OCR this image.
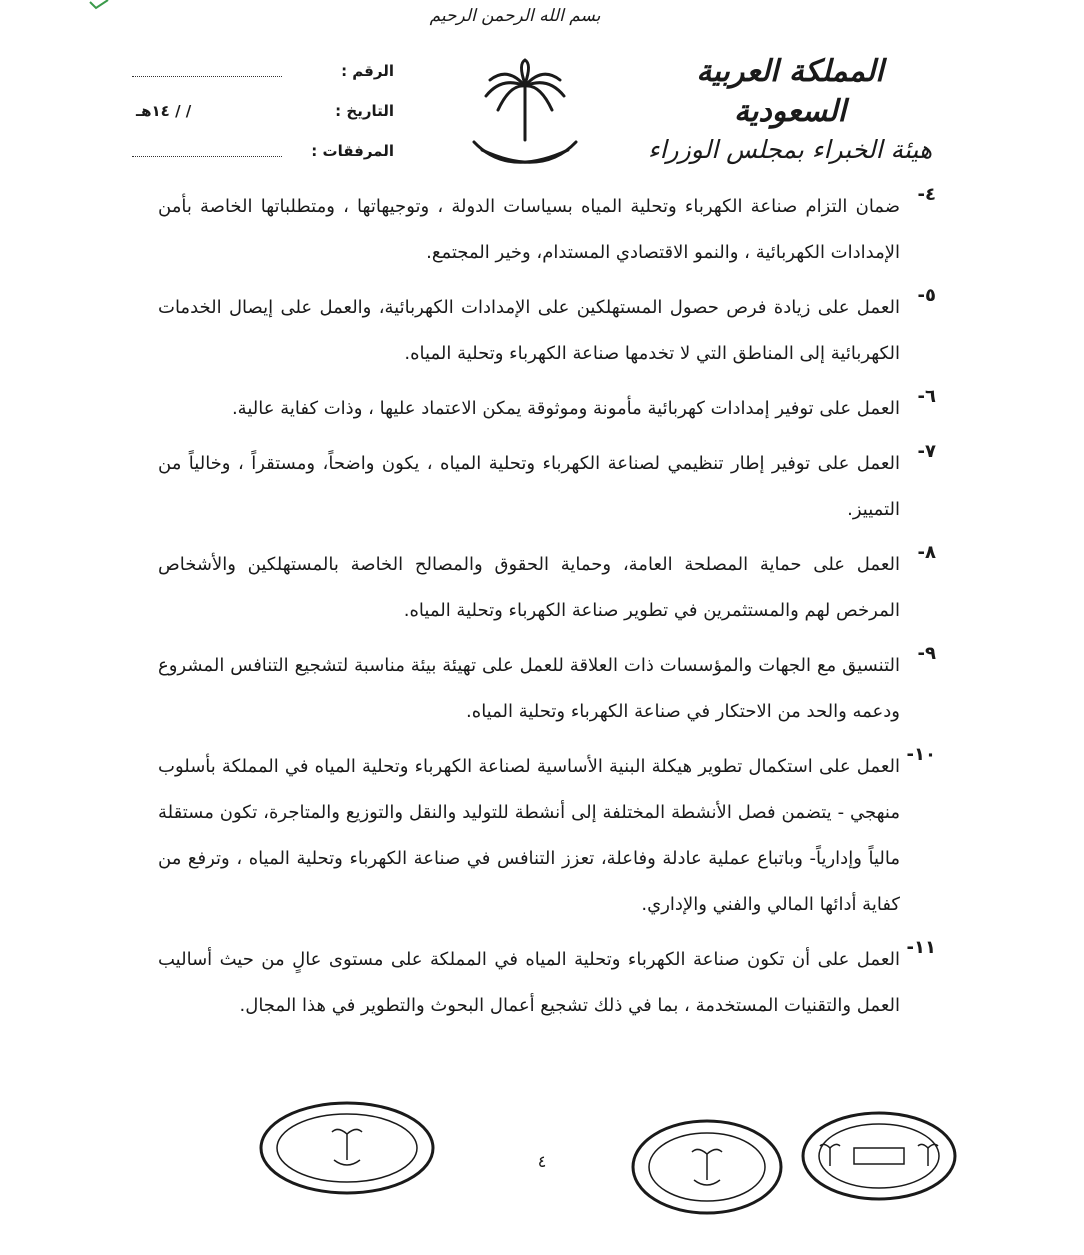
بسم الله الرحمن الرحيم
المملكة العربية السعودية
هيئة الخبراء بمجلس الوزراء
الرقم :
التاريخ :
/ / ١٤هـ
المرفقات :
٤-
ضمان التزام صناعة الكهرباء وتحلية المياه بسياسات الدولة ، وتوجيهاتها ، ومتطلباتها الخاصة بأمن الإمدادات الكهربائية ، والنمو الاقتصادي المستدام، وخير المجتمع.
٥-
العمل على زيادة فرص حصول المستهلكين على الإمدادات الكهربائية، والعمل على إيصال الخدمات الكهربائية إلى المناطق التي لا تخدمها صناعة الكهرباء وتحلية المياه.
٦-
العمل على توفير إمدادات كهربائية مأمونة وموثوقة يمكن الاعتماد عليها ، وذات كفاية عالية.
٧-
العمل على توفير إطار تنظيمي لصناعة الكهرباء وتحلية المياه ، يكون واضحاً، ومستقراً ، وخالياً من التمييز.
٨-
العمل على حماية المصلحة العامة، وحماية الحقوق والمصالح الخاصة بالمستهلكين والأشخاص المرخص لهم والمستثمرين في تطوير صناعة الكهرباء وتحلية المياه.
٩-
التنسيق مع الجهات والمؤسسات ذات العلاقة للعمل على تهيئة بيئة مناسبة لتشجيع التنافس المشروع ودعمه والحد من الاحتكار في صناعة الكهرباء وتحلية المياه.
١٠-
العمل على استكمال تطوير هيكلة البنية الأساسية لصناعة الكهرباء وتحلية المياه في المملكة بأسلوب منهجي - يتضمن فصل الأنشطة المختلفة إلى أنشطة للتوليد والنقل والتوزيع والمتاجرة، تكون مستقلة مالياً وإدارياً- وباتباع عملية عادلة وفاعلة، تعزز التنافس في صناعة الكهرباء وتحلية المياه ، وترفع من كفاية أدائها المالي والفني والإداري.
١١-
العمل على أن تكون صناعة الكهرباء وتحلية المياه في المملكة على مستوى عالٍ من حيث أساليب العمل والتقنيات المستخدمة ، بما في ذلك تشجيع أعمال البحوث والتطوير في هذا المجال.
٤
